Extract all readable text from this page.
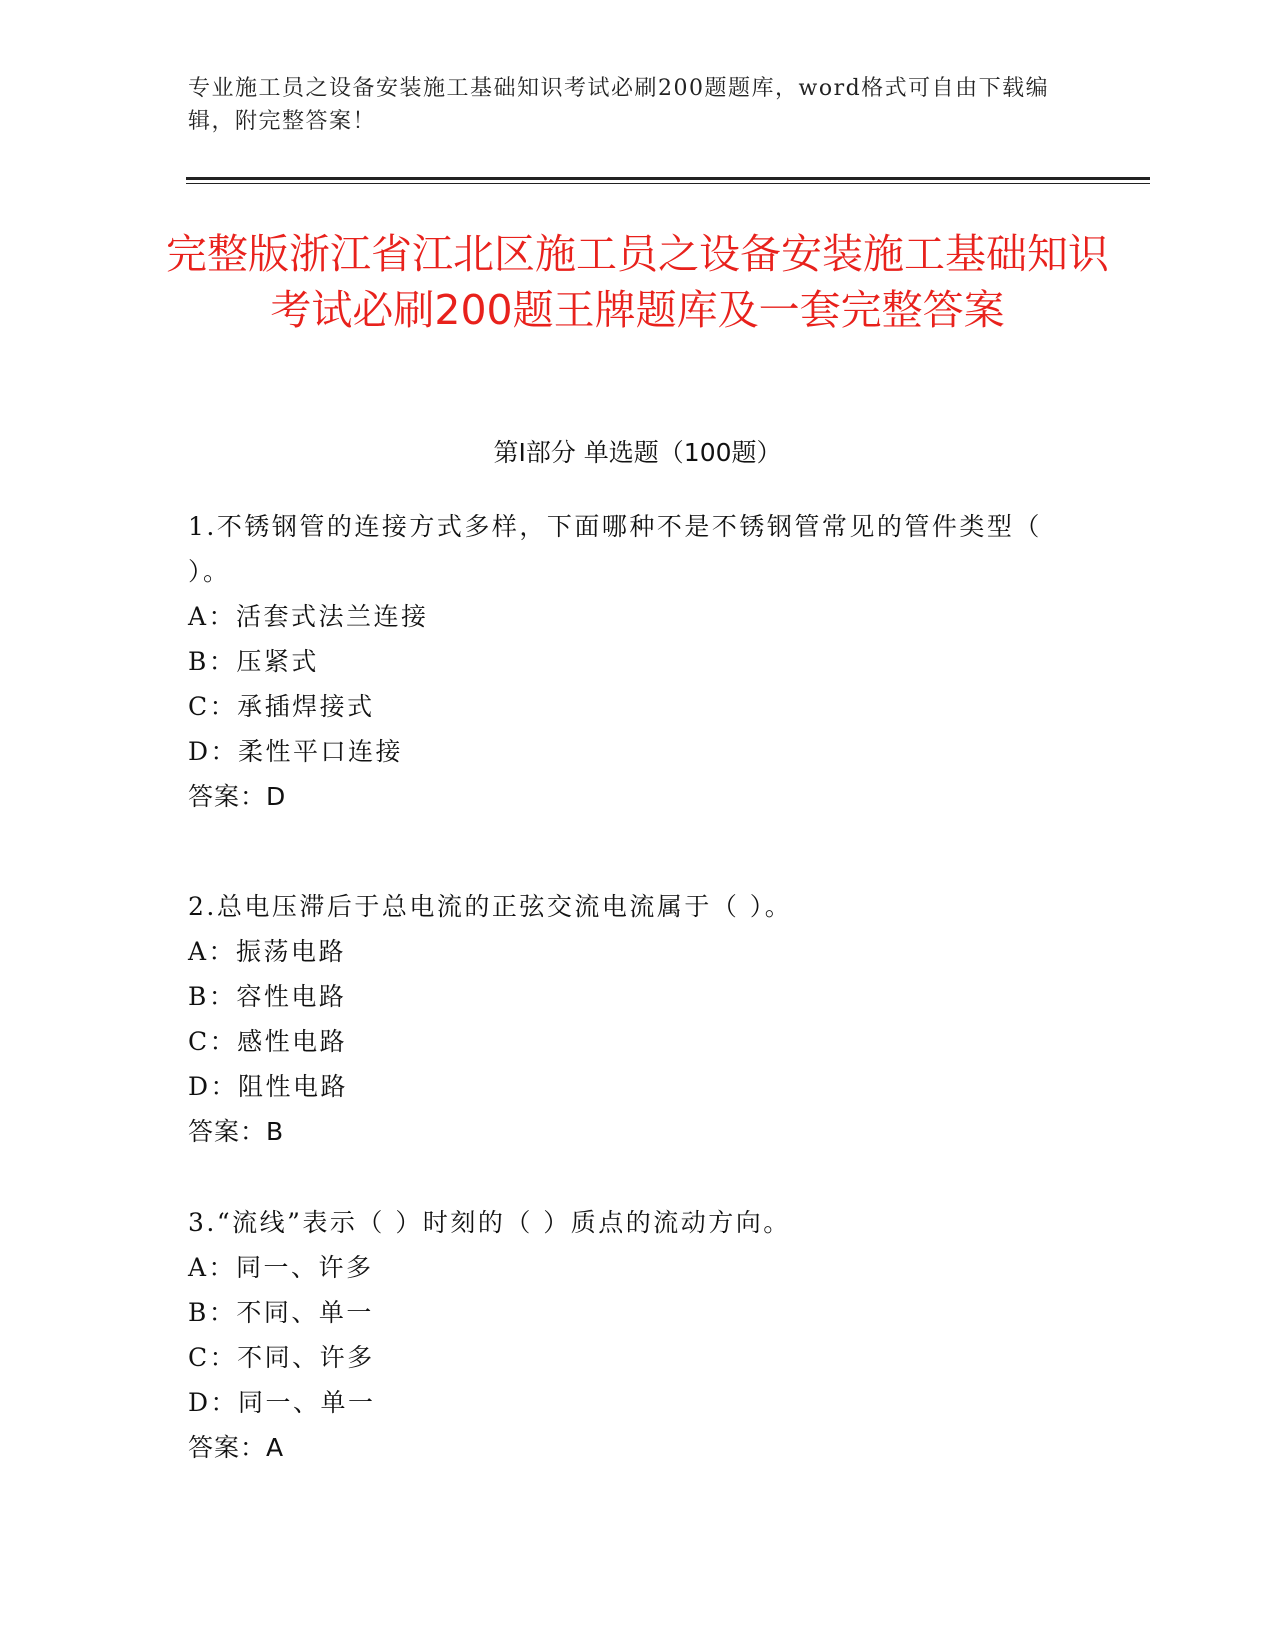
专业施工员之设备安装施工基础知识考试必刷200题题库，word格式可自由下载编辑，附完整答案！
完整版浙江省江北区施工员之设备安装施工基础知识考试必刷200题王牌题库及一套完整答案
第I部分 单选题（100题）

1.不锈钢管的连接方式多样，下面哪种不是不锈钢管常见的管件类型（ ）。

A：活套式法兰连接

B：压紧式

C：承插焊接式

D：柔性平口连接

答案：D

2.总电压滞后于总电流的正弦交流电流属于（ ）。

A：振荡电路

B：容性电路

C：感性电路

D：阻性电路

答案：B

3.“流线”表示（ ）时刻的（ ）质点的流动方向。

A：同一、许多

B：不同、单一

C：不同、许多

D：同一、单一

答案：A
